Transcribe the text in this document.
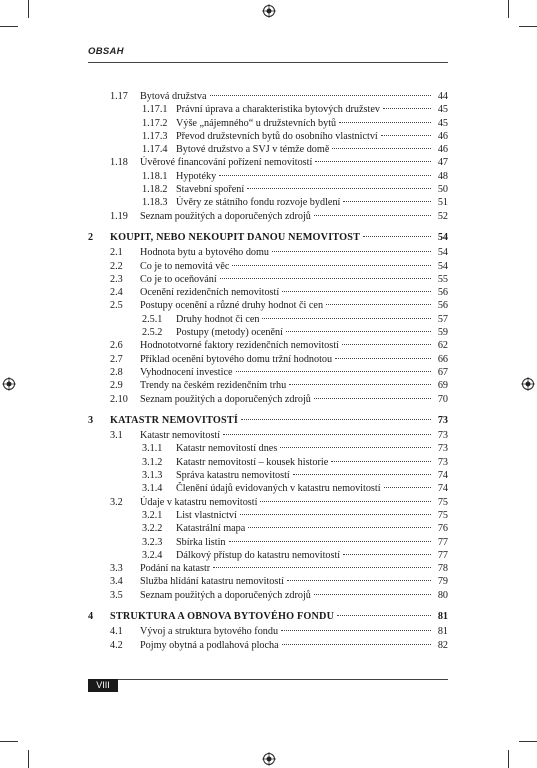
OBSAH
1.17 Bytová družstva	44
1.17.1 Právní úprava a charakteristika bytových družstev	45
1.17.2 Výše „nájemného“ u družstevních bytů	45
1.17.3 Převod družstevních bytů do osobního vlastnictví	46
1.17.4 Bytové družstvo a SVJ v témže domě	46
1.18 Úvěrové financování pořízení nemovitostí	47
1.18.1 Hypotéky	48
1.18.2 Stavební spoření	50
1.18.3 Úvěry ze státního fondu rozvoje bydlení	51
1.19 Seznam použitých a doporučených zdrojů	52
2 KOUPIT, NEBO NEKOUPIT DANOU NEMOVITOST	54
2.1 Hodnota bytu a bytového domu	54
2.2 Co je to nemovitá věc	54
2.3 Co je to oceňování	55
2.4 Ocenění rezidenčních nemovitostí	56
2.5 Postupy ocenění a různé druhy hodnot či cen	56
2.5.1 Druhy hodnot či cen	57
2.5.2 Postupy (metody) ocenění	59
2.6 Hodnototvorné faktory rezidenčních nemovitostí	62
2.7 Příklad ocenění bytového domu tržní hodnotou	66
2.8 Vyhodnocení investice	67
2.9 Trendy na českém rezidenčním trhu	69
2.10 Seznam použitých a doporučených zdrojů	70
3 KATASTR NEMOVITOSTÍ	73
3.1 Katastr nemovitostí	73
3.1.1 Katastr nemovitostí dnes	73
3.1.2 Katastr nemovitostí – kousek historie	73
3.1.3 Správa katastru nemovitostí	74
3.1.4 Členění údajů evidovaných v katastru nemovitostí	74
3.2 Údaje v katastru nemovitostí	75
3.2.1 List vlastnictví	75
3.2.2 Katastrální mapa	76
3.2.3 Sbírka listin	77
3.2.4 Dálkový přístup do katastru nemovitostí	77
3.3 Podání na katastr	78
3.4 Služba hlídání katastru nemovitostí	79
3.5 Seznam použitých a doporučených zdrojů	80
4 STRUKTURA A OBNOVA BYTOVÉHO FONDU	81
4.1 Vývoj a struktura bytového fondu	81
4.2 Pojmy obytná a podlahová plocha	82
VIII
